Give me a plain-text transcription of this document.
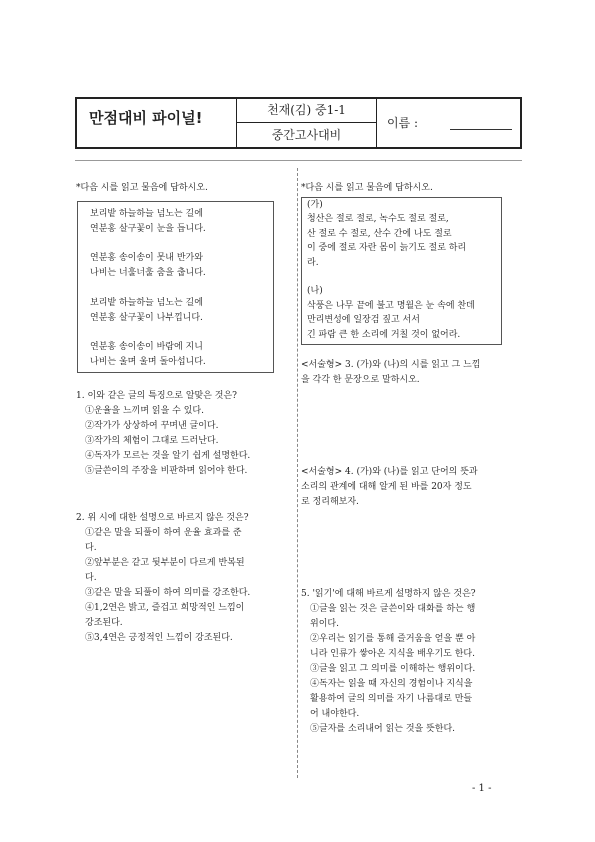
만점대비 파이널!	천재(김) 중1-1
중간고사대비
이름 :
*다음 시를 읽고 물음에 답하시오.
보리밭 하늘하늘 넘노는 길에
연분홍 살구꽃이 눈을 듭니다.

연분홍 송이송이 못내 반가와
나비는 너훌너훌 춤을 춥니다.

보리밭 하늘하늘 넘노는 길에
연분홍 살구꽃이 나부낍니다.

연분홍 송이송이 바람에 지니
나비는 울며 울며 돌아섭니다.
1. 이와 같은 글의 특징으로 알맞은 것은?
①운율을 느끼며 읽을 수 있다.
②작가가 상상하여 꾸며낸 글이다.
③작가의 체험이 그대로 드러난다.
④독자가 모르는 것을 알기 쉽게 설명한다.
⑤글쓴이의 주장을 비판하며 읽어야 한다.
2. 위 시에 대한 설명으로 바르지 않은 것은?
①같은 말을 되풀이 하여 운율 효과를 준
다.
②앞부분은 같고 뒷부분이 다르게 반복된
다.
③같은 말을 되풀이 하여 의미를 강조한다.
④1,2연은 밝고, 즐겁고 희망적인 느낌이
강조된다.
⑤3,4연은 긍정적인 느낌이 강조된다.
*다음 시를 읽고 물음에 답하시오.
(가)
청산은 절로 절로, 녹수도 절로 절로,
산 절로 수 절로, 산수 간에 나도 절로
이 중에 절로 자란 몸이 늙기도 절로 하리
라.

(나)
삭풍은 나무 끝에 불고 명월은 눈 속에 찬데
만리변성에 일장검 짚고 서서
긴 파람 큰 한 소리에 거칠 것이 없어라.
<서술형> 3. (가)와 (나)의 시를 읽고 그 느낌
을 각각 한 문장으로 말하시오.
<서술형> 4. (가)와 (나)를 읽고 단어의 뜻과
소리의 관계에 대해 알게 된 바를 20자 정도
로 정리해보자.
5. '읽기'에 대해 바르게 설명하지 않은 것은?
①글을 읽는 것은 글쓴이와 대화를 하는 행
위이다.
②우리는 읽기를 통해 즐거움을 얻을 뿐 아
니라 인류가 쌓아온 지식을 배우기도 한다.
③글을 읽고 그 의미를 이해하는 행위이다.
④독자는 읽을 때 자신의 경험이나 지식을
활용하여 글의 의미를 자기 나름대로 만들
어 내야한다.
⑤글자를 소리내어 읽는 것을 뜻한다.
- 1 -
